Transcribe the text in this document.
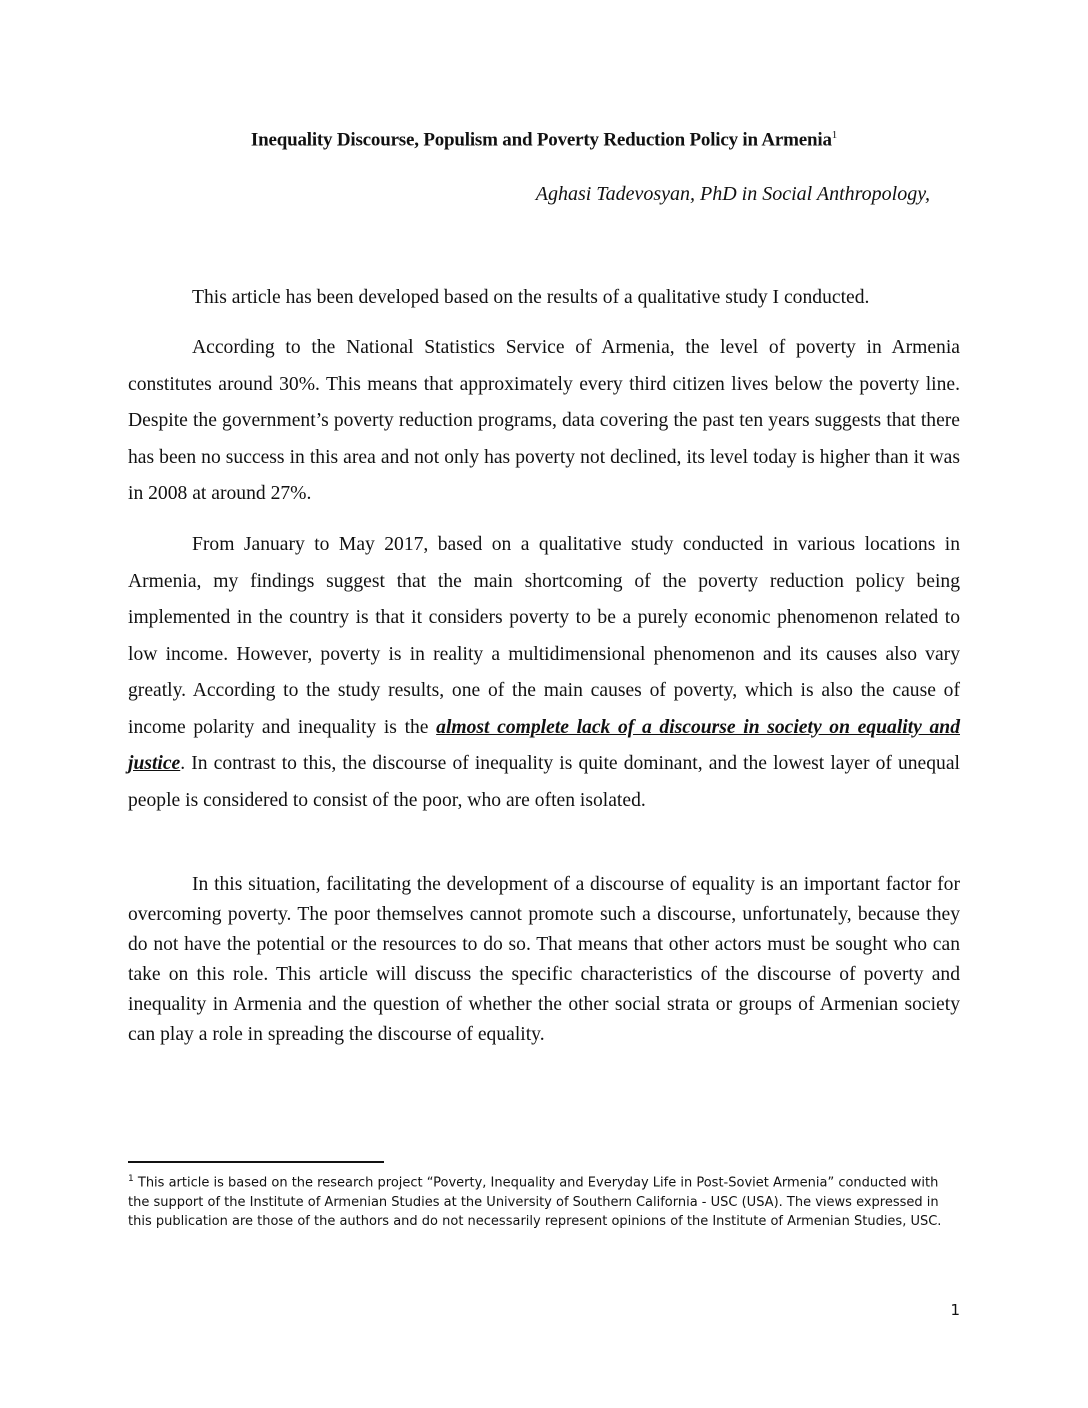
Inequality Discourse, Populism and Poverty Reduction Policy in Armenia$^1$
Aghasi Tadevosyan, PhD in Social Anthropology,

This article has been developed based on the results of a qualitative study I conducted.

According to the National Statistics Service of Armenia, the level of poverty in Armenia constitutes around 30%. This means that approximately every third citizen lives below the poverty line. Despite the government’s poverty reduction programs, data covering the past ten years suggests that there has been no success in this area and not only has poverty not declined, its level today is higher than it was in 2008 at around 27%.

From January to May 2017, based on a qualitative study conducted in various locations in Armenia, my findings suggest that the main shortcoming of the poverty reduction policy being implemented in the country is that it considers poverty to be a purely economic phenomenon related to low income. However, poverty is in reality a multidimensional phenomenon and its causes also vary greatly. According to the study results, one of the main causes of poverty, which is also the cause of income polarity and inequality is the almost complete lack of a discourse in society on equality and justice. In contrast to this, the discourse of inequality is quite dominant, and the lowest layer of unequal people is considered to consist of the poor, who are often isolated.

In this situation, facilitating the development of a discourse of equality is an important factor for overcoming poverty. The poor themselves cannot promote such a discourse, unfortunately, because they do not have the potential or the resources to do so. That means that other actors must be sought who can take on this role. This article will discuss the specific characteristics of the discourse of poverty and inequality in Armenia and the question of whether the other social strata or groups of Armenian society can play a role in spreading the discourse of equality.

$^1$ This article is based on the research project “Poverty, Inequality and Everyday Life in Post-Soviet Armenia” conducted with the support of the Institute of Armenian Studies at the University of Southern California - USC (USA). The views expressed in this publication are those of the authors and do not necessarily represent opinions of the Institute of Armenian Studies, USC.
1
